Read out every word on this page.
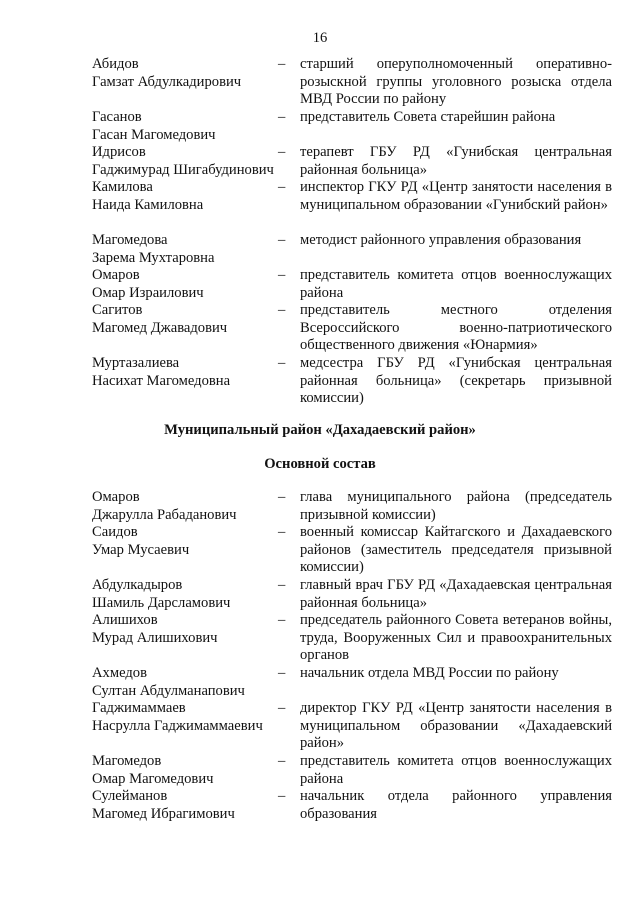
16
Абидов
Гамзат Абдулкадирович
–	старший оперуполномоченный оперативно-розыскной группы уголовного розыска отдела МВД России по району
Гасанов
Гасан Магомедович
–	представитель Совета старейшин района
Идрисов
Гаджимурад Шигабудинович
–	терапевт ГБУ РД «Гунибская центральная районная больница»
Камилова
Наида Камиловна
–	инспектор ГКУ РД «Центр занятости населения в муниципальном образовании «Гунибский район»
Магомедова
Зарема Мухтаровна
–	методист районного управления образования
Омаров
Омар Израилович
–	представитель комитета отцов военнослужащих района
Сагитов
Магомед Джавадович
–	представитель местного отделения Всероссийского военно-патриотического общественного движения «Юнармия»
Муртазалиева
Насихат Магомедовна
–	медсестра ГБУ РД «Гунибская центральная районная больница» (секретарь призывной комиссии)
Муниципальный район «Дахадаевский район»
Основной состав
Омаров
Джарулла Рабаданович
–	глава муниципального района (председатель призывной комиссии)
Саидов
Умар Мусаевич
–	военный комиссар Кайтагского и Дахадаевского районов (заместитель председателя призывной комиссии)
Абдулкадыров
Шамиль Дарсламович
–	главный врач ГБУ РД «Дахадаевская центральная районная больница»
Алишихов
Мурад Алишихович
–	председатель районного Совета ветеранов войны, труда, Вооруженных Сил и правоохранительных органов
Ахмедов
Султан Абдулманапович
–	начальник отдела МВД России по району
Гаджимаммаев
Насрулла Гаджимаммаевич
–	директор ГКУ РД «Центр занятости населения в муниципальном образовании «Дахадаевский район»
Магомедов
Омар Магомедович
–	представитель комитета отцов военнослужащих района
Сулейманов
Магомед Ибрагимович
–	начальник отдела районного управления образования
